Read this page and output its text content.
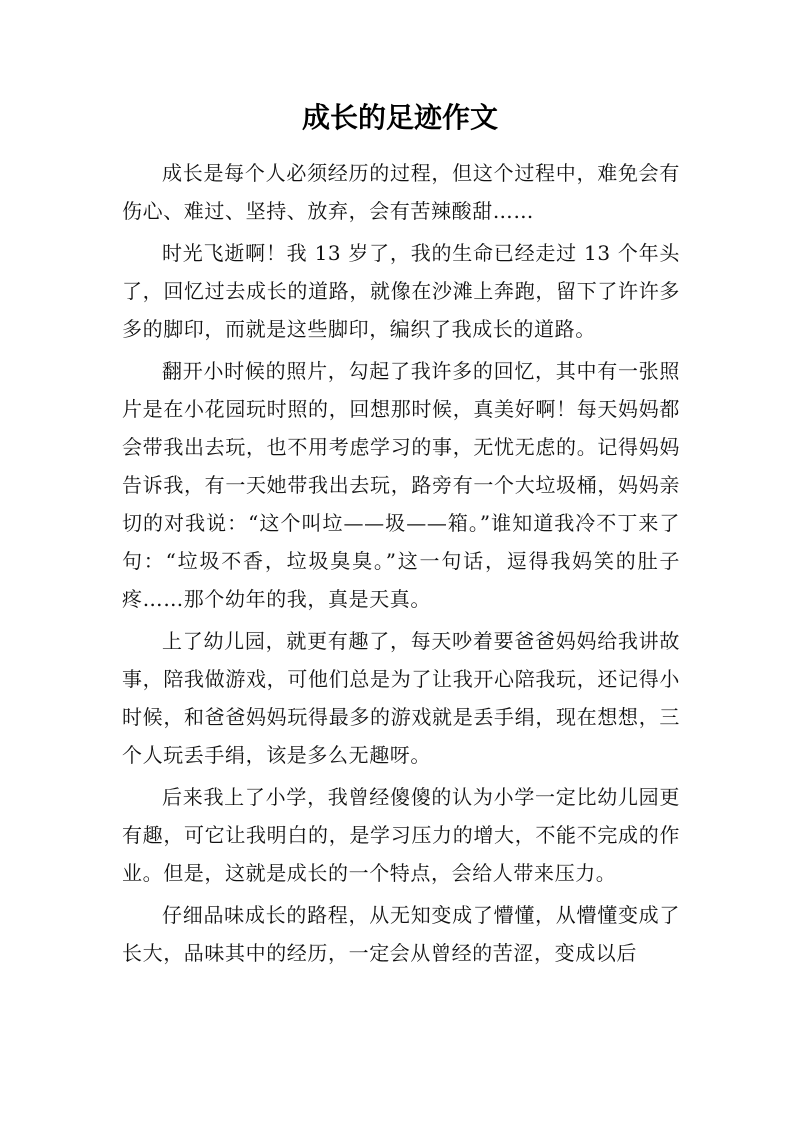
成长的足迹作文

成长是每个人必须经历的过程，但这个过程中，难免会有伤心、难过、坚持、放弃，会有苦辣酸甜……

时光飞逝啊！我 13 岁了，我的生命已经走过 13 个年头了，回忆过去成长的道路，就像在沙滩上奔跑，留下了许许多多的脚印，而就是这些脚印，编织了我成长的道路。

翻开小时候的照片，勾起了我许多的回忆，其中有一张照片是在小花园玩时照的，回想那时候，真美好啊！每天妈妈都会带我出去玩，也不用考虑学习的事，无忧无虑的。记得妈妈告诉我，有一天她带我出去玩，路旁有一个大垃圾桶，妈妈亲切的对我说：“这个叫垃——圾——箱。”谁知道我冷不丁来了句：“垃圾不香，垃圾臭臭。”这一句话，逗得我妈笑的肚子疼……那个幼年的我，真是天真。

上了幼儿园，就更有趣了，每天吵着要爸爸妈妈给我讲故事，陪我做游戏，可他们总是为了让我开心陪我玩，还记得小时候，和爸爸妈妈玩得最多的游戏就是丢手绢，现在想想，三个人玩丢手绢，该是多么无趣呀。

后来我上了小学，我曾经傻傻的认为小学一定比幼儿园更有趣，可它让我明白的，是学习压力的增大，不能不完成的作业。但是，这就是成长的一个特点，会给人带来压力。

仔细品味成长的路程，从无知变成了懵懂，从懵懂变成了长大，品味其中的经历，一定会从曾经的苦涩，变成以后
